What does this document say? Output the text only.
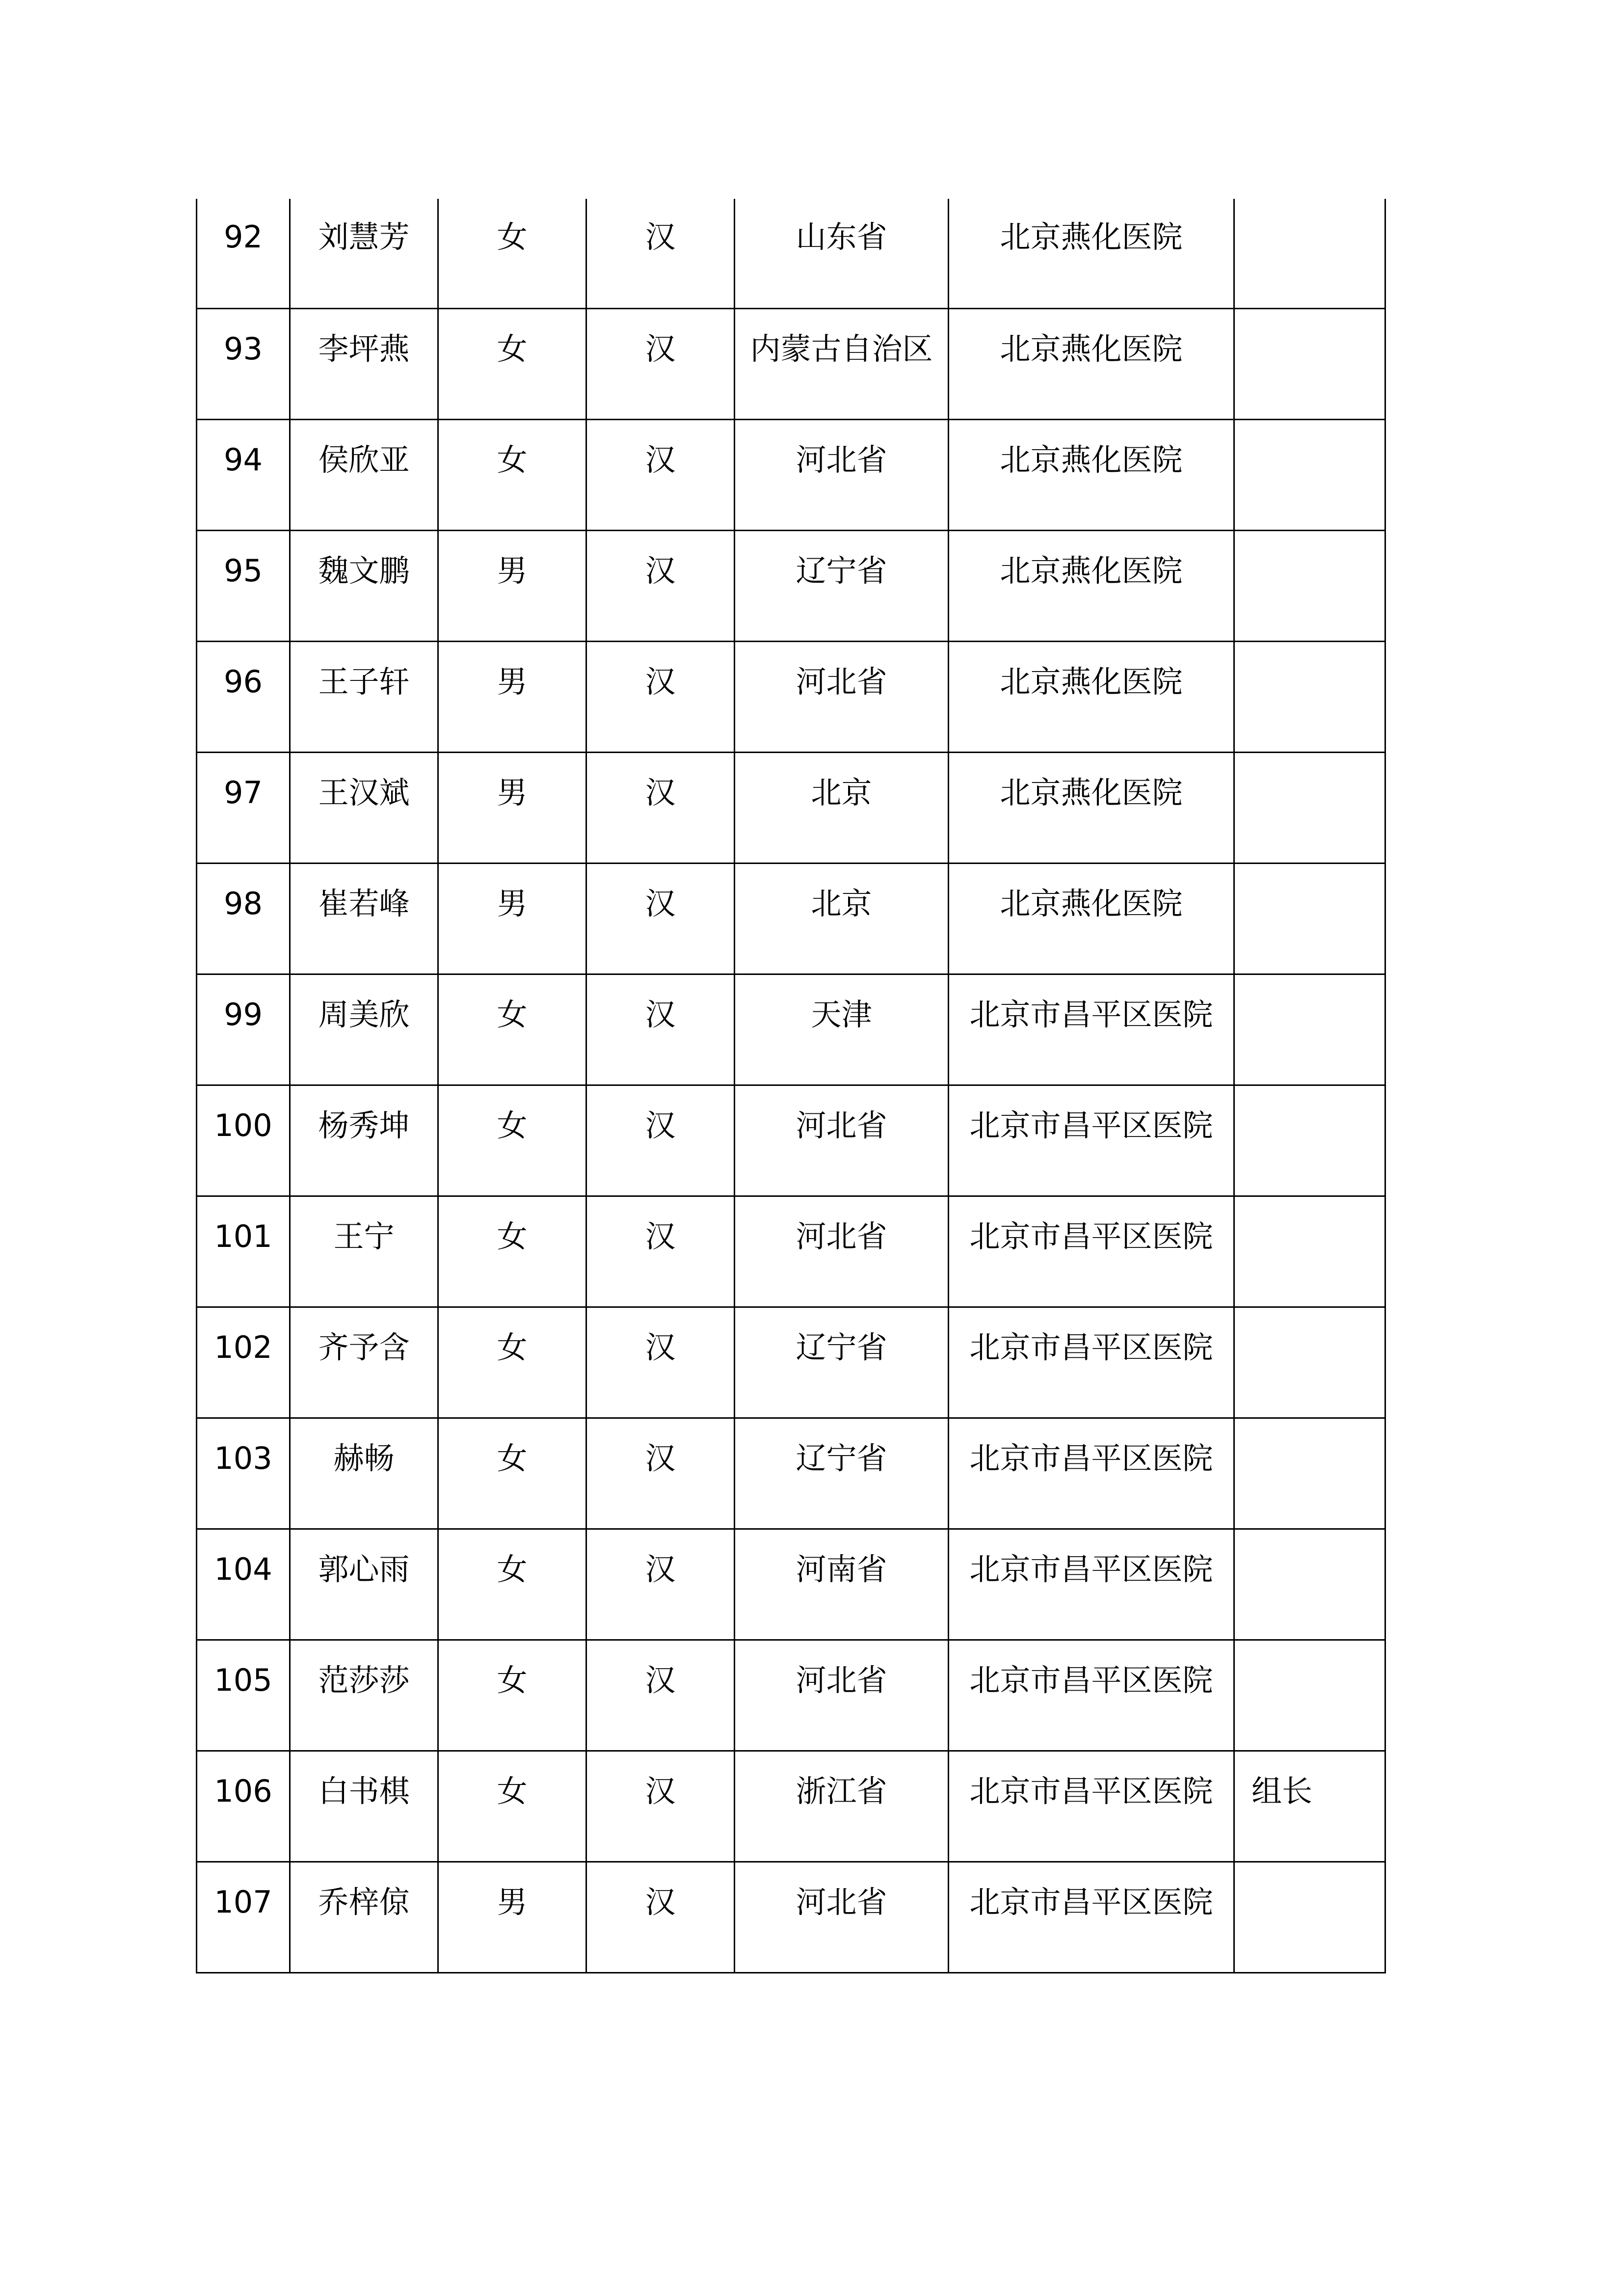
92	刘慧芳	女	汉	山东省	北京燕化医院	

93	李坪燕	女	汉	内蒙古自治区	北京燕化医院	

94	侯欣亚	女	汉	河北省	北京燕化医院	

95	魏文鹏	男	汉	辽宁省	北京燕化医院	

96	王子轩	男	汉	河北省	北京燕化医院	

97	王汉斌	男	汉	北京	北京燕化医院	

98	崔若峰	男	汉	北京	北京燕化医院	

99	周美欣	女	汉	天津	北京市昌平区医院	

100	杨秀坤	女	汉	河北省	北京市昌平区医院	

101	王宁	女	汉	河北省	北京市昌平区医院	

102	齐予含	女	汉	辽宁省	北京市昌平区医院	

103	赫畅	女	汉	辽宁省	北京市昌平区医院	

104	郭心雨	女	汉	河南省	北京市昌平区医院	

105	范莎莎	女	汉	河北省	北京市昌平区医院	

106	白书棋	女	汉	浙江省	北京市昌平区医院	组长

107	乔梓倞	男	汉	河北省	北京市昌平区医院	
